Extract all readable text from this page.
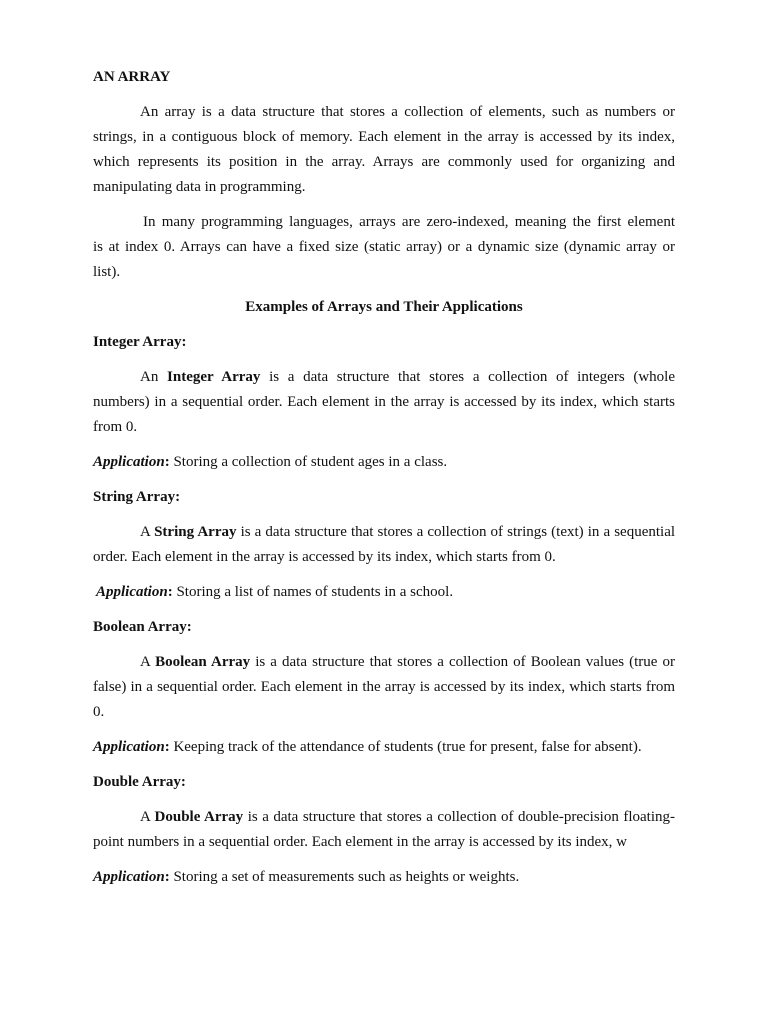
AN ARRAY
An array is a data structure that stores a collection of elements, such as numbers or
strings, in a contiguous block of memory. Each element in the array is accessed by its index,
which represents its position in the array. Arrays are commonly used for organizing and
manipulating data in programming.
In many programming languages, arrays are zero-indexed, meaning the first element
is at index 0. Arrays can have a fixed size (static array) or a dynamic size (dynamic array or
list).
Examples of Arrays and Their Applications
Integer Array:
An Integer Array is a data structure that stores a collection of integers (whole
numbers) in a sequential order. Each element in the array is accessed by its index, which starts
from 0.
Application: Storing a collection of student ages in a class.
String Array:
A String Array is a data structure that stores a collection of strings (text) in a sequential
order. Each element in the array is accessed by its index, which starts from 0.
Application: Storing a list of names of students in a school.
Boolean Array:
A Boolean Array is a data structure that stores a collection of Boolean values (true or
false) in a sequential order. Each element in the array is accessed by its index, which starts from
0.
Application: Keeping track of the attendance of students (true for present, false for absent).
Double Array:
A Double Array is a data structure that stores a collection of double-precision floating-
point numbers in a sequential order. Each element in the array is accessed by its index, w
Application: Storing a set of measurements such as heights or weights.
